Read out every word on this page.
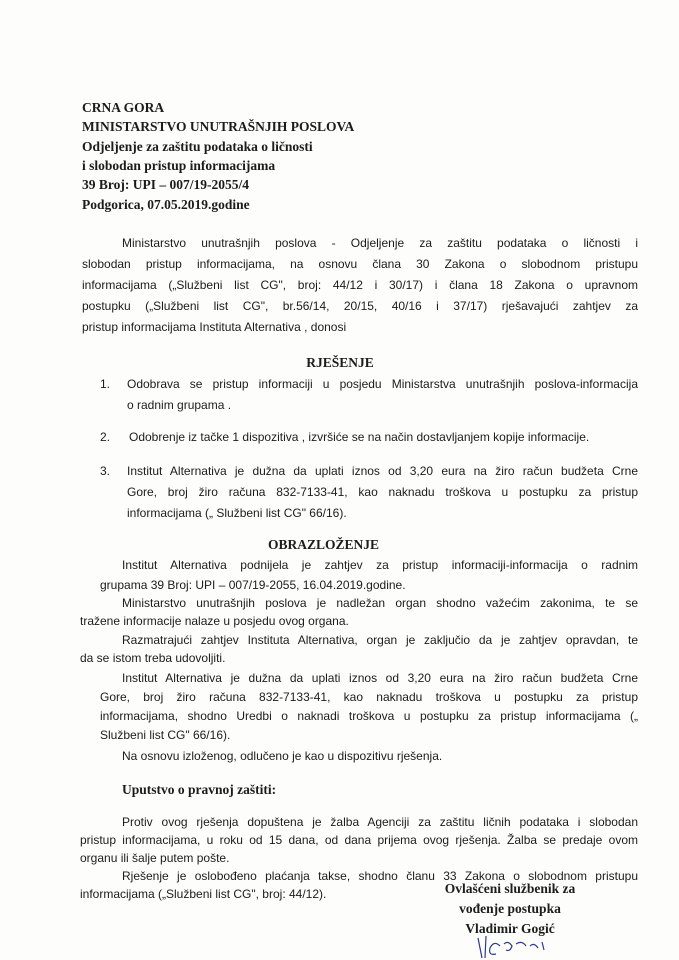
CRNA GORA
MINISTARSTVO UNUTRAŠNJIH POSLOVA
Odjeljenje za zaštitu podataka o ličnosti
i slobodan pristup informacijama
39 Broj: UPI – 007/19-2055/4
Podgorica, 07.05.2019.godine
Ministarstvo unutrašnjih poslova - Odjeljenje za zaštitu podataka o ličnosti i
slobodan pristup informacijama, na osnovu člana 30 Zakona o slobodnom pristupu
informacijama („Službeni list CG", broj: 44/12 i 30/17) i člana 18 Zakona o upravnom
postupku („Službeni list CG", br.56/14, 20/15, 40/16 i 37/17) rješavajući zahtjev za
pristup informacijama Instituta Alternativa , donosi
RJEŠENJE
1. Odobrava se pristup informaciji u posjedu Ministarstva unutrašnjih poslova-informacija
o radnim grupama .
2. Odobrenje iz tačke 1 dispozitiva , izvršiće se na način dostavljanjem kopije informacije.
3. Institut Alternativa je dužna da uplati iznos od 3,20 eura na žiro račun budžeta Crne
Gore, broj žiro računa 832-7133-41, kao naknadu troškova u postupku za pristup
informacijama („ Službeni list CG" 66/16).
OBRAZLOŽENJE
Institut Alternativa podnijela je zahtjev za pristup informaciji-informacija o radnim
grupama 39 Broj: UPI – 007/19-2055, 16.04.2019.godine.
Ministarstvo unutrašnjih poslova je nadležan organ shodno važećim zakonima, te se
tražene informacije nalaze u posjedu ovog organa.
Razmatrajući zahtjev Instituta Alternativa, organ je zaključio da je zahtjev opravdan, te
da se istom treba udovoljiti.
Institut Alternativa je dužna da uplati iznos od 3,20 eura na žiro račun budžeta Crne
Gore, broj žiro računa 832-7133-41, kao naknadu troškova u postupku za pristup
informacijama, shodno Uredbi o naknadi troškova u postupku za pristup informacijama („
Službeni list CG" 66/16).
Na osnovu izloženog, odlučeno je kao u dispozitivu rješenja.
Uputstvo o pravnoj zaštiti:
Protiv ovog rješenja dopuštena je žalba Agenciji za zaštitu ličnih podataka i slobodan
pristup informacijama, u roku od 15 dana, od dana prijema ovog rješenja. Žalba se predaje ovom
organu ili šalje putem pošte.
Rješenje je oslobođeno plaćanja takse, shodno članu 33 Zakona o slobodnom pristupu
informacijama („Službeni list CG", broj: 44/12).	Ovlašćeni službenik za
vođenje postupka
Vladimir Gogić
